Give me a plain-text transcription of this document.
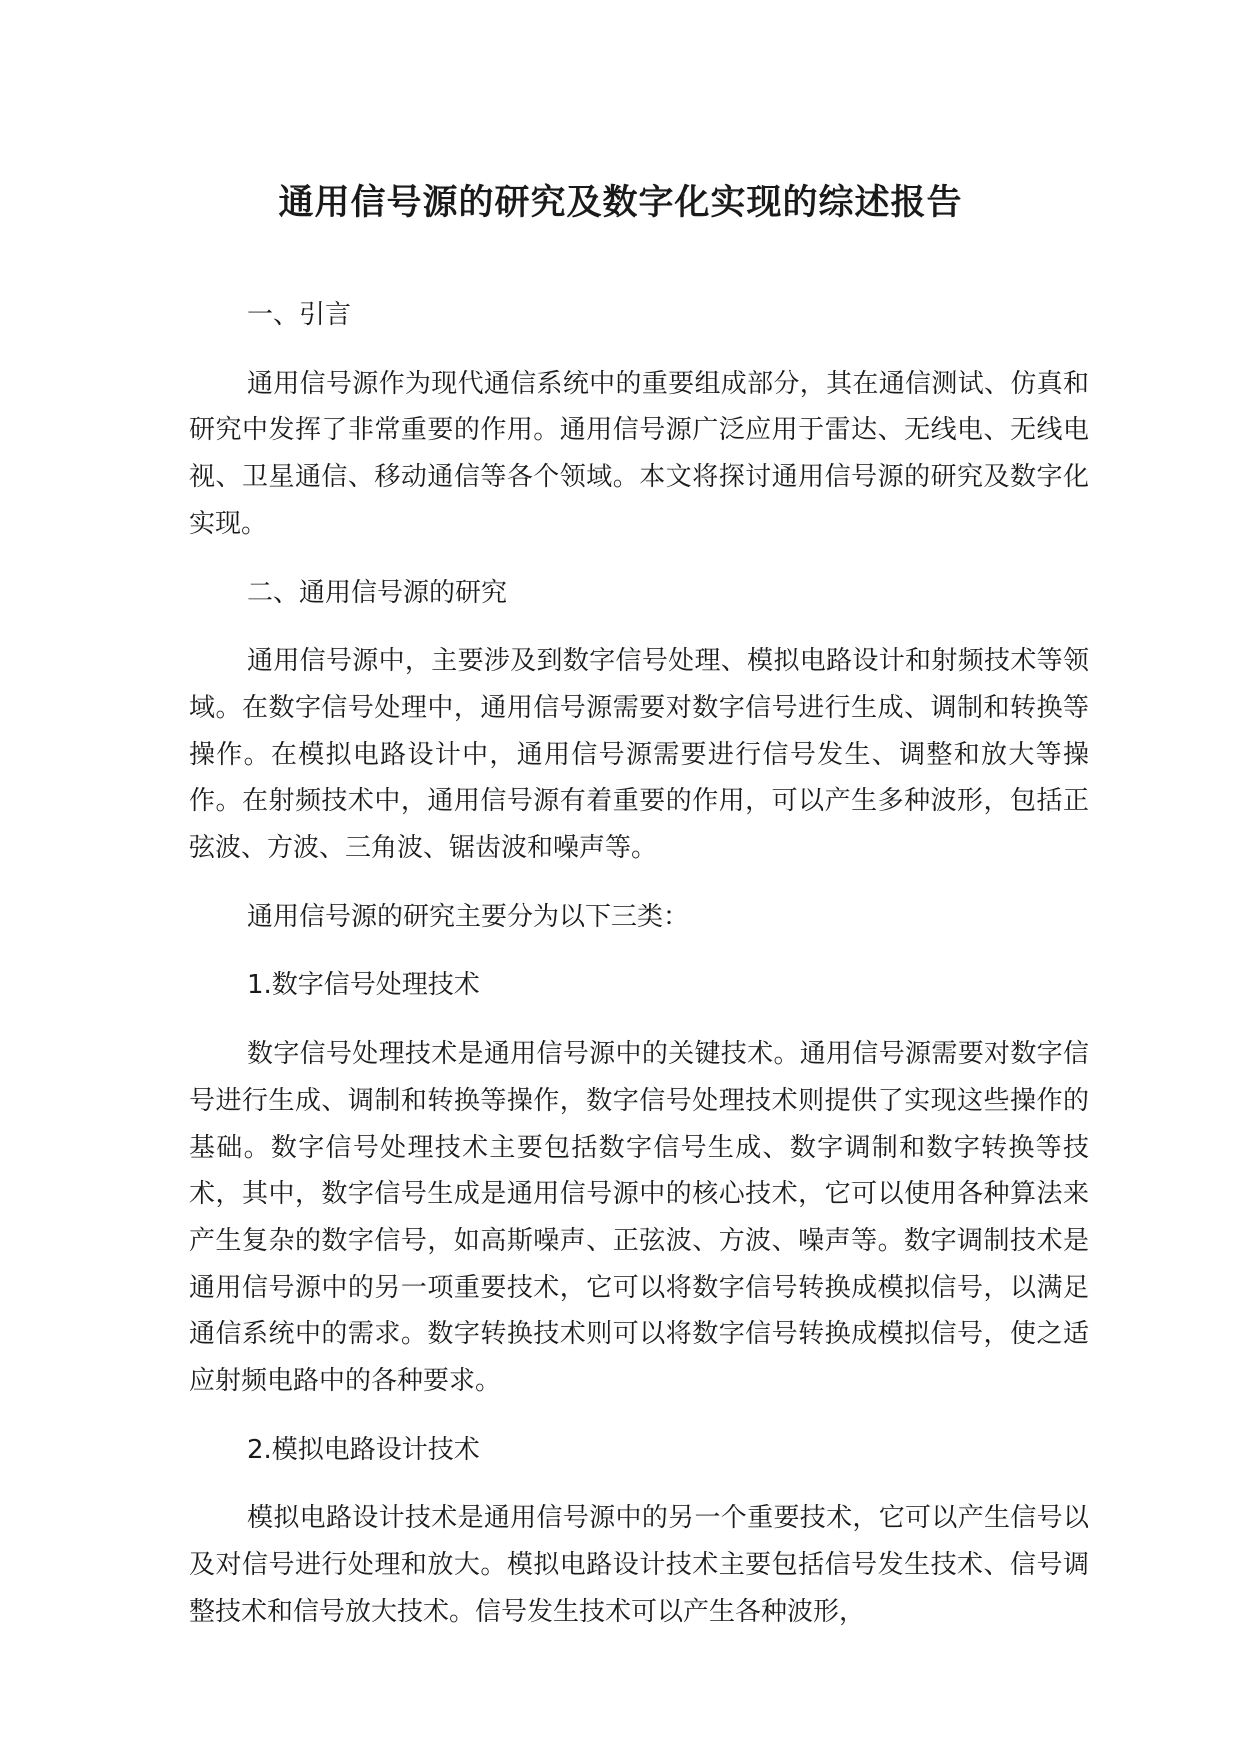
通用信号源的研究及数字化实现的综述报告

一、引言

通用信号源作为现代通信系统中的重要组成部分，其在通信测试、仿真和研究中发挥了非常重要的作用。通用信号源广泛应用于雷达、无线电、无线电视、卫星通信、移动通信等各个领域。本文将探讨通用信号源的研究及数字化实现。

二、通用信号源的研究

通用信号源中，主要涉及到数字信号处理、模拟电路设计和射频技术等领域。在数字信号处理中，通用信号源需要对数字信号进行生成、调制和转换等操作。在模拟电路设计中，通用信号源需要进行信号发生、调整和放大等操作。在射频技术中，通用信号源有着重要的作用，可以产生多种波形，包括正弦波、方波、三角波、锯齿波和噪声等。

通用信号源的研究主要分为以下三类：

1.数字信号处理技术

数字信号处理技术是通用信号源中的关键技术。通用信号源需要对数字信号进行生成、调制和转换等操作，数字信号处理技术则提供了实现这些操作的基础。数字信号处理技术主要包括数字信号生成、数字调制和数字转换等技术，其中，数字信号生成是通用信号源中的核心技术，它可以使用各种算法来产生复杂的数字信号，如高斯噪声、正弦波、方波、噪声等。数字调制技术是通用信号源中的另一项重要技术，它可以将数字信号转换成模拟信号，以满足通信系统中的需求。数字转换技术则可以将数字信号转换成模拟信号，使之适应射频电路中的各种要求。

2.模拟电路设计技术

模拟电路设计技术是通用信号源中的另一个重要技术，它可以产生信号以及对信号进行处理和放大。模拟电路设计技术主要包括信号发生技术、信号调整技术和信号放大技术。信号发生技术可以产生各种波形，
